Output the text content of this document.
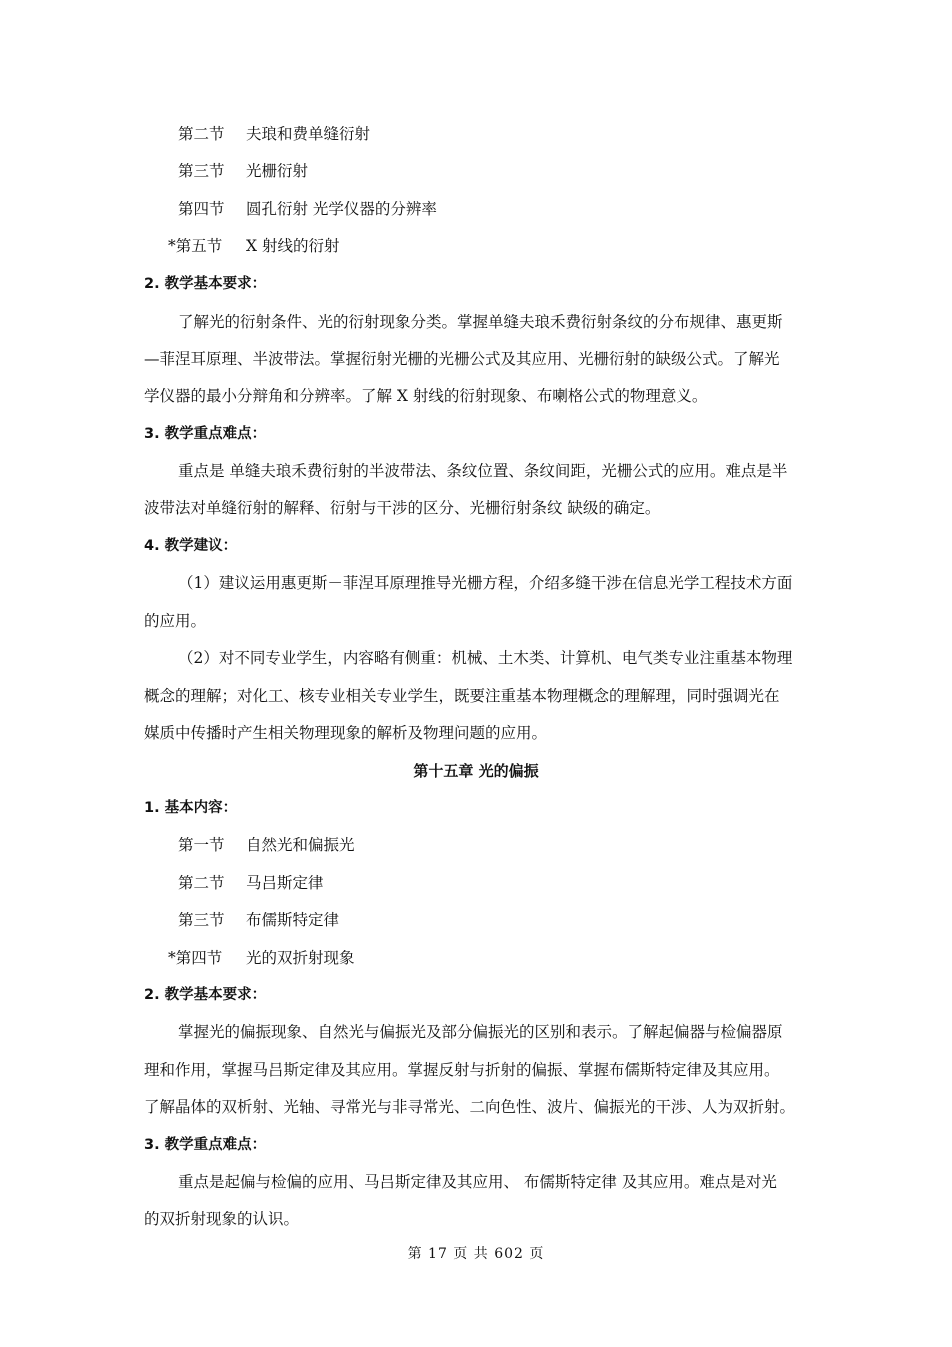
第二节 夫琅和费单缝衍射
第三节 光栅衍射
第四节 圆孔衍射 光学仪器的分辨率
*第五节 X 射线的衍射
2. 教学基本要求：
了解光的衍射条件、光的衍射现象分类。掌握单缝夫琅禾费衍射条纹的分布规律、惠更斯
—菲涅耳原理、半波带法。掌握衍射光栅的光栅公式及其应用、光栅衍射的缺级公式。了解光
学仪器的最小分辩角和分辨率。了解 X 射线的衍射现象、布喇格公式的物理意义。
3. 教学重点难点：
重点是 单缝夫琅禾费衍射的半波带法、条纹位置、条纹间距，光栅公式的应用。难点是半
波带法对单缝衍射的解释、衍射与干涉的区分、光栅衍射条纹 缺级的确定。
4. 教学建议：
（1）建议运用惠更斯－菲涅耳原理推导光栅方程，介绍多缝干涉在信息光学工程技术方面
的应用。
（2）对不同专业学生，内容略有侧重：机械、土木类、计算机、电气类专业注重基本物理
概念的理解；对化工、核专业相关专业学生，既要注重基本物理概念的理解理，同时强调光在
媒质中传播时产生相关物理现象的解析及物理问题的应用。
第十五章 光的偏振
1. 基本内容：
第一节 自然光和偏振光
第二节 马吕斯定律
第三节 布儒斯特定律
*第四节 光的双折射现象
2. 教学基本要求：
掌握光的偏振现象、自然光与偏振光及部分偏振光的区别和表示。了解起偏器与检偏器原
理和作用，掌握马吕斯定律及其应用。掌握反射与折射的偏振、掌握布儒斯特定律及其应用。
了解晶体的双析射、光轴、寻常光与非寻常光、二向色性、波片、偏振光的干涉、人为双折射。
3. 教学重点难点：
重点是起偏与检偏的应用、马吕斯定律及其应用、 布儒斯特定律 及其应用。难点是对光
的双折射现象的认识。
第 17 页 共 602 页
